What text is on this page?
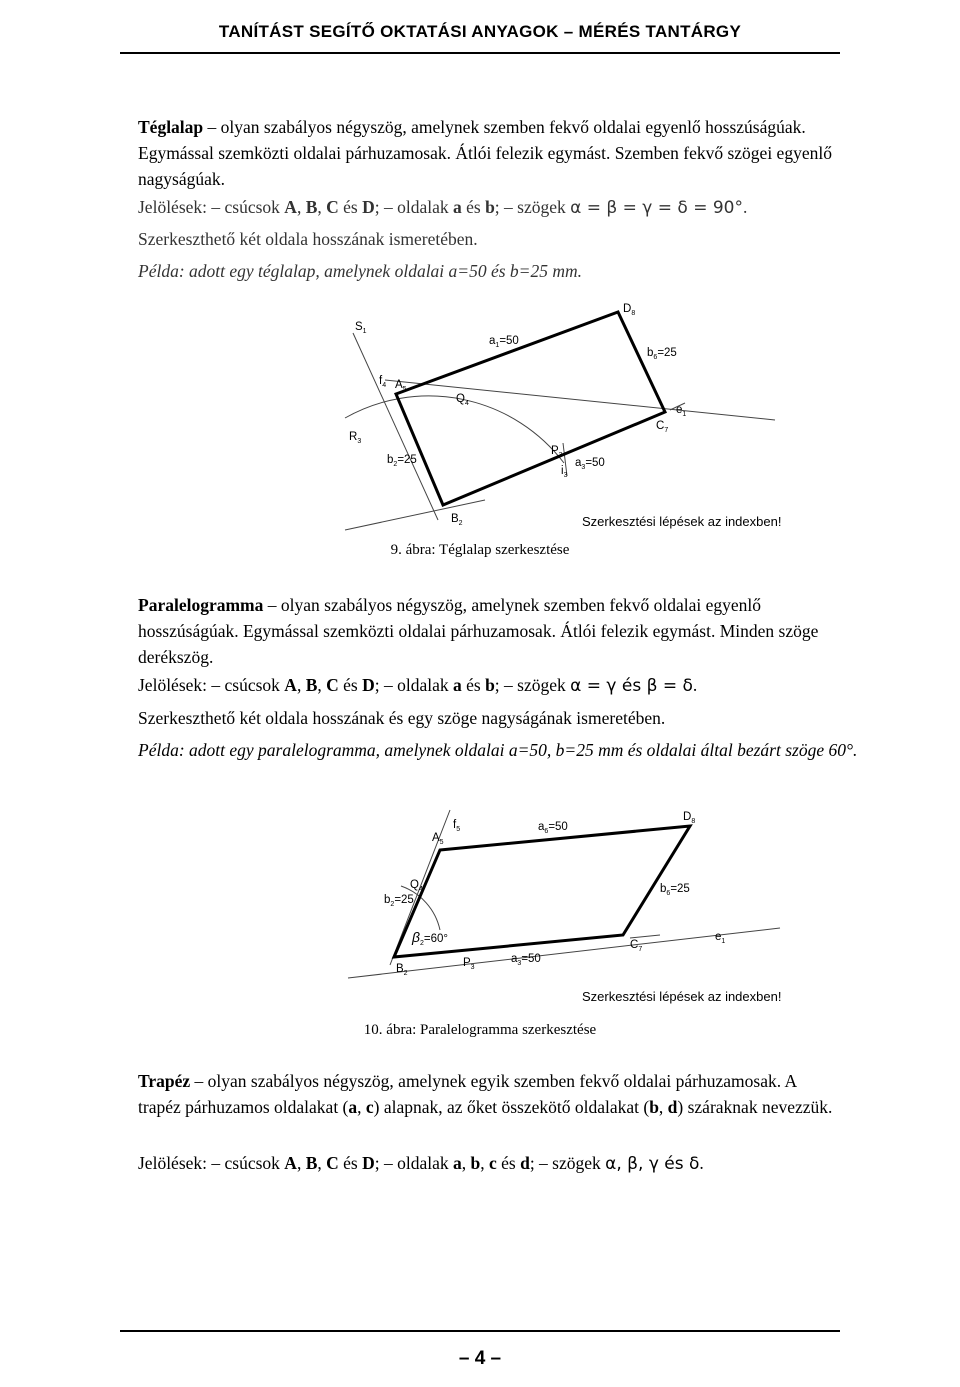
TANÍTÁST SEGÍTŐ OKTATÁSI ANYAGOK – MÉRÉS TANTÁRGY

Téglalap – olyan szabályos négyszög, amelynek szemben fekvő oldalai egyenlő hosszúságúak. Egymással szemközti oldalai párhuzamosak. Átlói felezik egymást. Szemben fekvő szögei egyenlő nagyságúak.

Jelölések: – csúcsok A, B, C és D; – oldalak a és b; – szögek α = β = γ = δ = 90°.

Szerkeszthető két oldala hosszának ismeretében.
Példa: adott egy téglalap, amelynek oldalai a=50 és b=25 mm.
$S_1$
$a_1=50$
$D_8$
$b_6=25$
$f_4$ $A_5$
$Q_4$
$e_1$
$R_3$
$C_7$
$b_2=25$
$P_3$
$a_3=50$
$i_3$
$B_2$	Szerkesztési lépések az indexben!
9. ábra: Téglalap szerkesztése

Paralelogramma – olyan szabályos négyszög, amelynek szemben fekvő oldalai egyenlő hosszúságúak. Egymással szemközti oldalai párhuzamosak. Átlói felezik egymást. Minden szöge derékszög.

Jelölések: – csúcsok A, B, C és D; – oldalak a és b; – szögek α = γ és β = δ.

Szerkeszthető két oldala hosszának és egy szöge nagyságának ismeretében.
Példa: adott egy paralelogramma, amelynek oldalai a=50, b=25 mm és oldalai által bezárt szöge 60°.
$A_5$
$f_5$	$a_6=50$
$D_8$
$Q_4$
$b_2=25$
$b_6=25$
$\beta_2=60^\circ$	$C_7$
$e_1$
$B_2$
$P_3$
$a_3=50$
Szerkesztési lépések az indexben!
10. ábra: Paralelogramma szerkesztése

Trapéz – olyan szabályos négyszög, amelynek egyik szemben fekvő oldalai párhuzamosak. A trapéz párhuzamos oldalakat (a, c) alapnak, az őket összekötő oldalakat (b, d) száraknak nevezzük.

Jelölések: – csúcsok A, B, C és D; – oldalak a, b, c és d; – szögek α, β, γ és δ.

– 4 –
